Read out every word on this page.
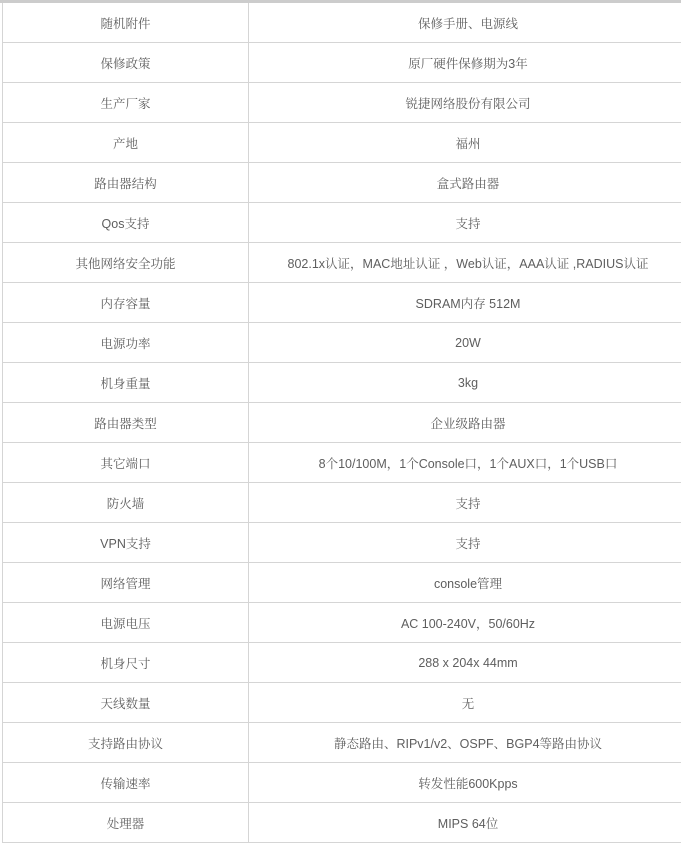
随机附件	保修手册、电源线
保修政策	原厂硬件保修期为3年
生产厂家	锐捷网络股份有限公司
产地	福州
路由器结构	盒式路由器
Qos支持	支持
其他网络安全功能	802.1x认证，MAC地址认证 ，Web认证，AAA认证 ,RADIUS认证
内存容量	SDRAM内存 512M
电源功率	20W
机身重量	3kg
路由器类型	企业级路由器
其它端口	8个10/100M，1个Console口，1个AUX口，1个USB口
防火墙	支持
VPN支持	支持
网络管理	console管理
电源电压	AC 100-240V，50/60Hz
机身尺寸	288 x 204x 44mm
天线数量	无
支持路由协议	静态路由、RIPv1/v2、OSPF、BGP4等路由协议
传输速率	转发性能600Kpps
处理器	MIPS 64位
